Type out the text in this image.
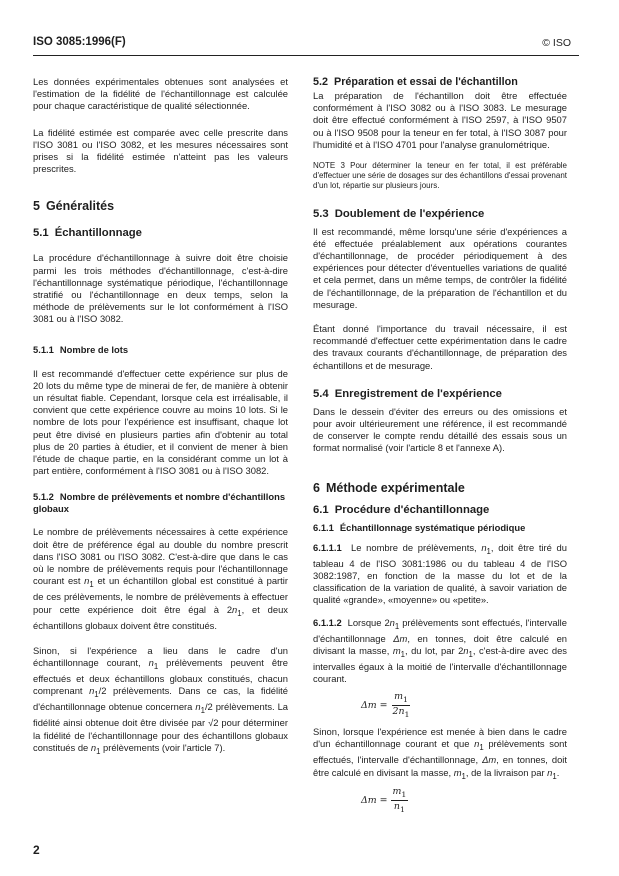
ISO 3085:1996(F)	© ISO

Les données expérimentales obtenues sont analysées et l'estimation de la fidélité de l'échantillonnage est calculée pour chaque caractéristique de qualité sélectionnée.

La fidélité estimée est comparée avec celle prescrite dans l'ISO 3081 ou l'ISO 3082, et les mesures nécessaires sont prises si la fidélité estimée n'atteint pas les valeurs prescrites.

5 Généralités
5.1 Échantillonnage

La procédure d'échantillonnage à suivre doit être choisie parmi les trois méthodes d'échantillonnage, c'est-à-dire l'échantillonnage systématique périodique, l'échantillonnage stratifié ou l'échantillonnage en deux temps, selon la méthode de prélèvements sur le lot conformément à l'ISO 3081 ou à l'ISO 3082.

5.1.1 Nombre de lots

Il est recommandé d'effectuer cette expérience sur plus de 20 lots du même type de minerai de fer, de manière à obtenir un résultat fiable. Cependant, lorsque cela est irréalisable, il convient que cette expérience couvre au moins 10 lots. Si le nombre de lots pour l'expérience est insuffisant, chaque lot peut être divisé en plusieurs parties afin d'obtenir au total plus de 20 parties à étudier, et il convient de mener à bien l'étude de chaque partie, en la considérant comme un lot à part entière, conformément à l'ISO 3081 ou à l'ISO 3082.

5.1.2 Nombre de prélèvements et nombre d'échantillons globaux

Le nombre de prélèvements nécessaires à cette expérience doit être de préférence égal au double du nombre prescrit dans l'ISO 3081 ou l'ISO 3082. C'est-à-dire que dans le cas où le nombre de prélèvements requis pour l'échantillonnage courant est $n_1$ et un échantillon global est constitué à partir de ces prélèvements, le nombre de prélèvements à effectuer pour cette expérience doit être égal à $2n_1$, et deux échantillons globaux doivent être constitués.

Sinon, si l'expérience a lieu dans le cadre d'un échantillonnage courant, $n_1$ prélèvements peuvent être effectués et deux échantillons globaux constitués, chacun comprenant $n_1/2$ prélèvements. Dans ce cas, la fidélité d'échantillonnage obtenue concernera $n_1/2$ prélèvements. La fidélité ainsi obtenue doit être divisée par √2 pour déterminer la fidélité de l'échantillonnage pour des échantillons globaux constitués de $n_1$ prélèvements (voir l'article 7).

5.2 Préparation et essai de l'échantillon

La préparation de l'échantillon doit être effectuée conformément à l'ISO 3082 ou à l'ISO 3083. Le mesurage doit être effectué conformément à l'ISO 2597, à l'ISO 9507 ou à l'ISO 9508 pour la teneur en fer total, à l'ISO 3087 pour l'humidité et à l'ISO 4701 pour l'analyse granulométrique.

NOTE 3 Pour déterminer la teneur en fer total, il est préférable d'effectuer une série de dosages sur des échantillons d'essai provenant d'un lot, répartie sur plusieurs jours.

5.3 Doublement de l'expérience

Il est recommandé, même lorsqu'une série d'expériences a été effectuée préalablement aux opérations courantes d'échantillonnage, de procéder périodiquement à des expériences pour détecter d'éventuelles variations de qualité et cela permet, dans un même temps, de contrôler la fidélité de l'échantillonnage, de la préparation de l'échantillon et du mesurage.

Étant donné l'importance du travail nécessaire, il est recommandé d'effectuer cette expérimentation dans le cadre des travaux courants d'échantillonnage, de préparation des échantillons et de mesurage.

5.4 Enregistrement de l'expérience

Dans le dessein d'éviter des erreurs ou des omissions et pour avoir ultérieurement une référence, il est recommandé de conserver le compte rendu détaillé des essais sous un format normalisé (voir l'article 8 et l'annexe A).

6 Méthode expérimentale
6.1 Procédure d'échantillonnage
6.1.1 Échantillonnage systématique périodique

6.1.1.1 Le nombre de prélèvements, $n_1$, doit être tiré du tableau 4 de l'ISO 3081:1986 ou du tableau 4 de l'ISO 3082:1987, en fonction de la masse du lot et de la classification de la variation de qualité, à savoir variation de qualité «grande», «moyenne» ou «petite».

6.1.1.2 Lorsque $2n_1$ prélèvements sont effectués, l'intervalle d'échantillonnage Δm, en tonnes, doit être calculé en divisant la masse, $m_1$, du lot, par $2n_1$, c'est-à-dire avec des intervalles égaux à la moitié de l'intervalle d'échantillonnage courant.

$\Delta m = \frac{m_1}{2n_1}$

Sinon, lorsque l'expérience est menée à bien dans le cadre d'un échantillonnage courant et que $n_1$ prélèvements sont effectués, l'intervalle d'échantillonnage, Δm, en tonnes, doit être calculé en divisant la masse, $m_1$, de la livraison par $n_1$.

$\Delta m = \frac{m_1}{n_1}$
2
